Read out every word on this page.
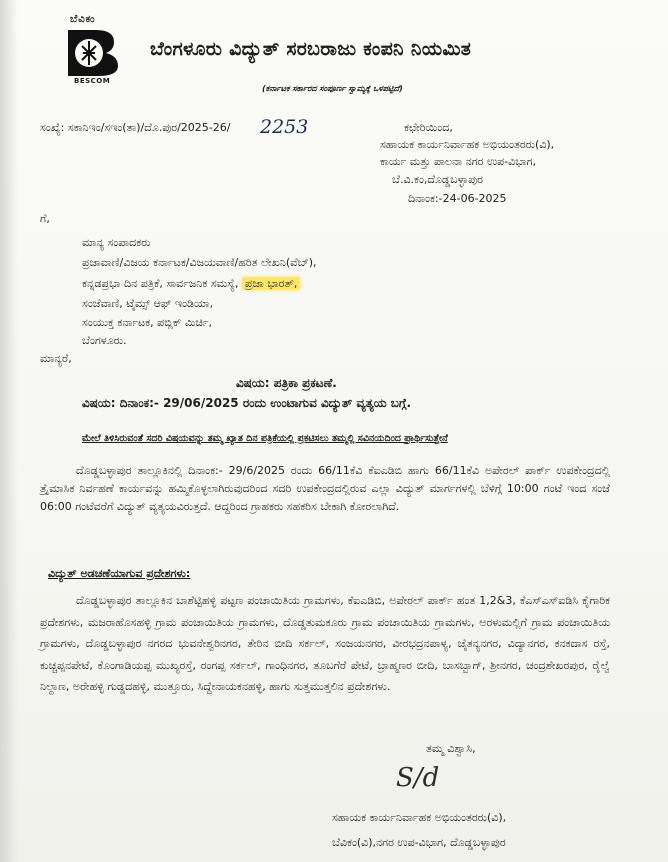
ಬೆವಿಕಂ
BESCOM
ಬೆಂಗಳೂರು ವಿದ್ಯುತ್ ಸರಬರಾಜು ಕಂಪನಿ ನಿಯಮಿತ
(ಕರ್ನಾಟಕ ಸರ್ಕಾರದ ಸಂಪೂರ್ಣ ಸ್ವಾಮ್ಯಕ್ಕೆ ಒಳಪಟ್ಟಿದೆ)
ಸಂಖ್ಯೆ: ಸಕಾನಿಇಂ/ಸಇಂ(ತಾ)/ದೊ.ಪುರ/2025-26/ 2253	ಕಛೇರಿಯಿಂದ,
ಸಹಾಯಕ ಕಾರ್ಯನಿರ್ವಾಹಕ ಅಭಿಯಂತರರು(ವಿ),
ಕಾರ್ಯ ಮತ್ತು ಪಾಲನಾ ನಗರ ಉಪ-ವಿಭಾಗ,
ಬೆ.ವಿ.ಕಂ,ದೊಡ್ಡಬಳ್ಳಾಪುರ
ದಿನಾಂಕ:-24-06-2025
ಗೆ,
ಮಾನ್ಯ ಸಂಪಾದಕರು
ಪ್ರಜಾವಾಣಿ/ವಿಜಯ ಕರ್ನಾಟಕ/ವಿಜಯವಾಣಿ/ಹರಿತ ಲೇಖನಿ(ವೆಬ್),
ಕನ್ನಡಪ್ರಭಾ ದಿನ ಪತ್ರಿಕೆ, ಸಾರ್ವಜನಿಕ ಸಮಸ್ಯೆ, ಪ್ರಜಾ ಭಾರತ್,
ಸಂಜೆವಾಣಿ, ಟೈಮ್ಸ್ ಆಫ್ ಇಂಡಿಯಾ,
ಸಂಯುಕ್ತ ಕರ್ನಾಟಕ, ಪಬ್ಲಿಕ್ ಮಿರ್ಚಿ,
ಬೆಂಗಳೂರು.
ಮಾನ್ಯರೆ,
ವಿಷಯ: ಪತ್ರಿಕಾ ಪ್ರಕಟಣೆ.
ವಿಷಯ: ದಿನಾಂಕ:- 29/06/2025 ರಂದು ಉಂಟಾಗುವ ವಿದ್ಯುತ್ ವ್ಯತ್ಯಯ ಬಗ್ಗೆ.
ಮೇಲೆ ತಿಳಿಸಿರುವಂತೆ ಸದರಿ ವಿಷಯವನ್ನು ತಮ್ಮ ಖ್ಯಾತ ದಿನ ಪತ್ರಿಕೆಯಲ್ಲಿ ಪ್ರಕಟಿಸಲು ತಮ್ಮಲ್ಲಿ ಸವಿನಯದಿಂದ ಪ್ರಾರ್ಥಿಸುತ್ತೇನೆ
ದೊಡ್ಡಬಳ್ಳಾಪುರ ತಾಲ್ಲೂಕಿನಲ್ಲಿ ದಿನಾಂಕ:- 29/6/2025 ರಂದು 66/11ಕೆವಿ ಕೆಐಎಡಿಬಿ ಹಾಗು 66/11ಕೆವಿ ಅಪೇರಲ್ ಪಾರ್ಕ್ ಉಪಕೇಂದ್ರದಲ್ಲಿ ತ್ರೈಮಾಸಿಕ ನಿರ್ವಹಣೆ ಕಾರ್ಯವನ್ನು ಹಮ್ಮಿಕೊಳ್ಳಲಾಗಿರುವುದರಿಂದ ಸದರಿ ಉಪಕೇಂದ್ರದಲ್ಲಿರುವ ಎಲ್ಲಾ ವಿದ್ಯುತ್ ಮಾರ್ಗಗಳಲ್ಲಿ ಬೆಳಿಗ್ಗೆ 10:00 ಗಂಟೆ ಇಂದ ಸಂಜೆ 06:00 ಗಂಟೆವರೆಗೆ ವಿದ್ಯುತ್ ವ್ಯತ್ಯಯವಿರುತ್ತದೆ. ಆದ್ದರಿಂದ ಗ್ರಾಹಕರು ಸಹಕರಿಸ ಬೇಕಾಗಿ ಕೋರಲಾಗಿದೆ.
ವಿದ್ಯುತ್ ಅಡಚಣೆಯಾಗುವ ಪ್ರದೇಶಗಳು:
ದೊಡ್ಡಬಳ್ಳಾಪುರ ತಾಲ್ಲೂಕಿನ ಬಾಶೆಟ್ಟಿಹಳ್ಳಿ ಪಟ್ಟಣ ಪಂಚಾಯಿತಿಯ ಗ್ರಾಮಗಳು, ಕೆಐಎಡಿಬಿ, ಅಪೇರಲ್ ಪಾರ್ಕ್ ಹಂತ 1,2&3, ಕೆಎಸ್ಎಸ್ಐಡಿಸಿ ಕೈಗಾರಿಕ ಪ್ರದೇಶಗಳು, ಮಜರಾಹೊಸಹಳ್ಳಿ ಗ್ರಾಮ ಪಂಚಾಯಿತಿಯ ಗ್ರಾಮಗಳು, ದೊಡ್ಡತುಮಕೂರು ಗ್ರಾಮ ಪಂಚಾಯಿತಿಯ ಗ್ರಾಮಗಳು, ಅರಳುಮಲ್ಲಿಗೆ ಗ್ರಾಮ ಪಂಚಾಯಿತಿಯ ಗ್ರಾಮಗಳು, ದೊಡ್ಡಬಳ್ಳಾಪುರ ನಗರದ ಭುವನೇಶ್ವರಿನಗರ, ತೇರಿನ ಬೀದಿ ಸರ್ಕಲ್, ಸಂಜಯನಗರ, ವೀರಭದ್ರನಪಾಳ್ಯ, ಚೈತನ್ಯನಗರ, ವಿದ್ಯಾನಗರ, ಕನಕದಾಸ ರಸ್ತೆ, ಕುಚ್ಚಪ್ಪನಪೇಟೆ, ಕೊಂಗಾಡಿಯಪ್ಪ ಮುಖ್ಯರಸ್ತೆ, ರಂಗಪ್ಪ ಸರ್ಕಲ್, ಗಾಂಧಿನಗರ, ತೂಬಗೆರೆ ಪೇಟೆ, ಬ್ರಾಹ್ಮಣರ ಬೀದಿ, ಬಾಸಬ್ಬಾಗ್, ಶ್ರೀನಗರ, ಚಂದ್ರಶೇಖರಪುರ, ರೈಲ್ವೆ ನಿಲ್ದಾಣ, ಅರೇಹಳ್ಳಿ ಗುಡ್ಡದಹಳ್ಳಿ, ಮುತ್ತೂರು, ಸಿದ್ದೇನಾಯಕನಹಳ್ಳಿ, ಹಾಗು ಸುತ್ತಮುತ್ತಲಿನ ಪ್ರದೇಶಗಳು.
ತಮ್ಮ ವಿಶ್ವಾಸಿ,
S/d
ಸಹಾಯಕ ಕಾರ್ಯನಿರ್ವಾಹಕ ಅಭಿಯಂತರರು(ವಿ),
ಬೆವಿಕಂ(ವಿ),ನಗರ ಉಪ-ವಿಭಾಗ, ದೊಡ್ಡಬಳ್ಳಾಪುರ
